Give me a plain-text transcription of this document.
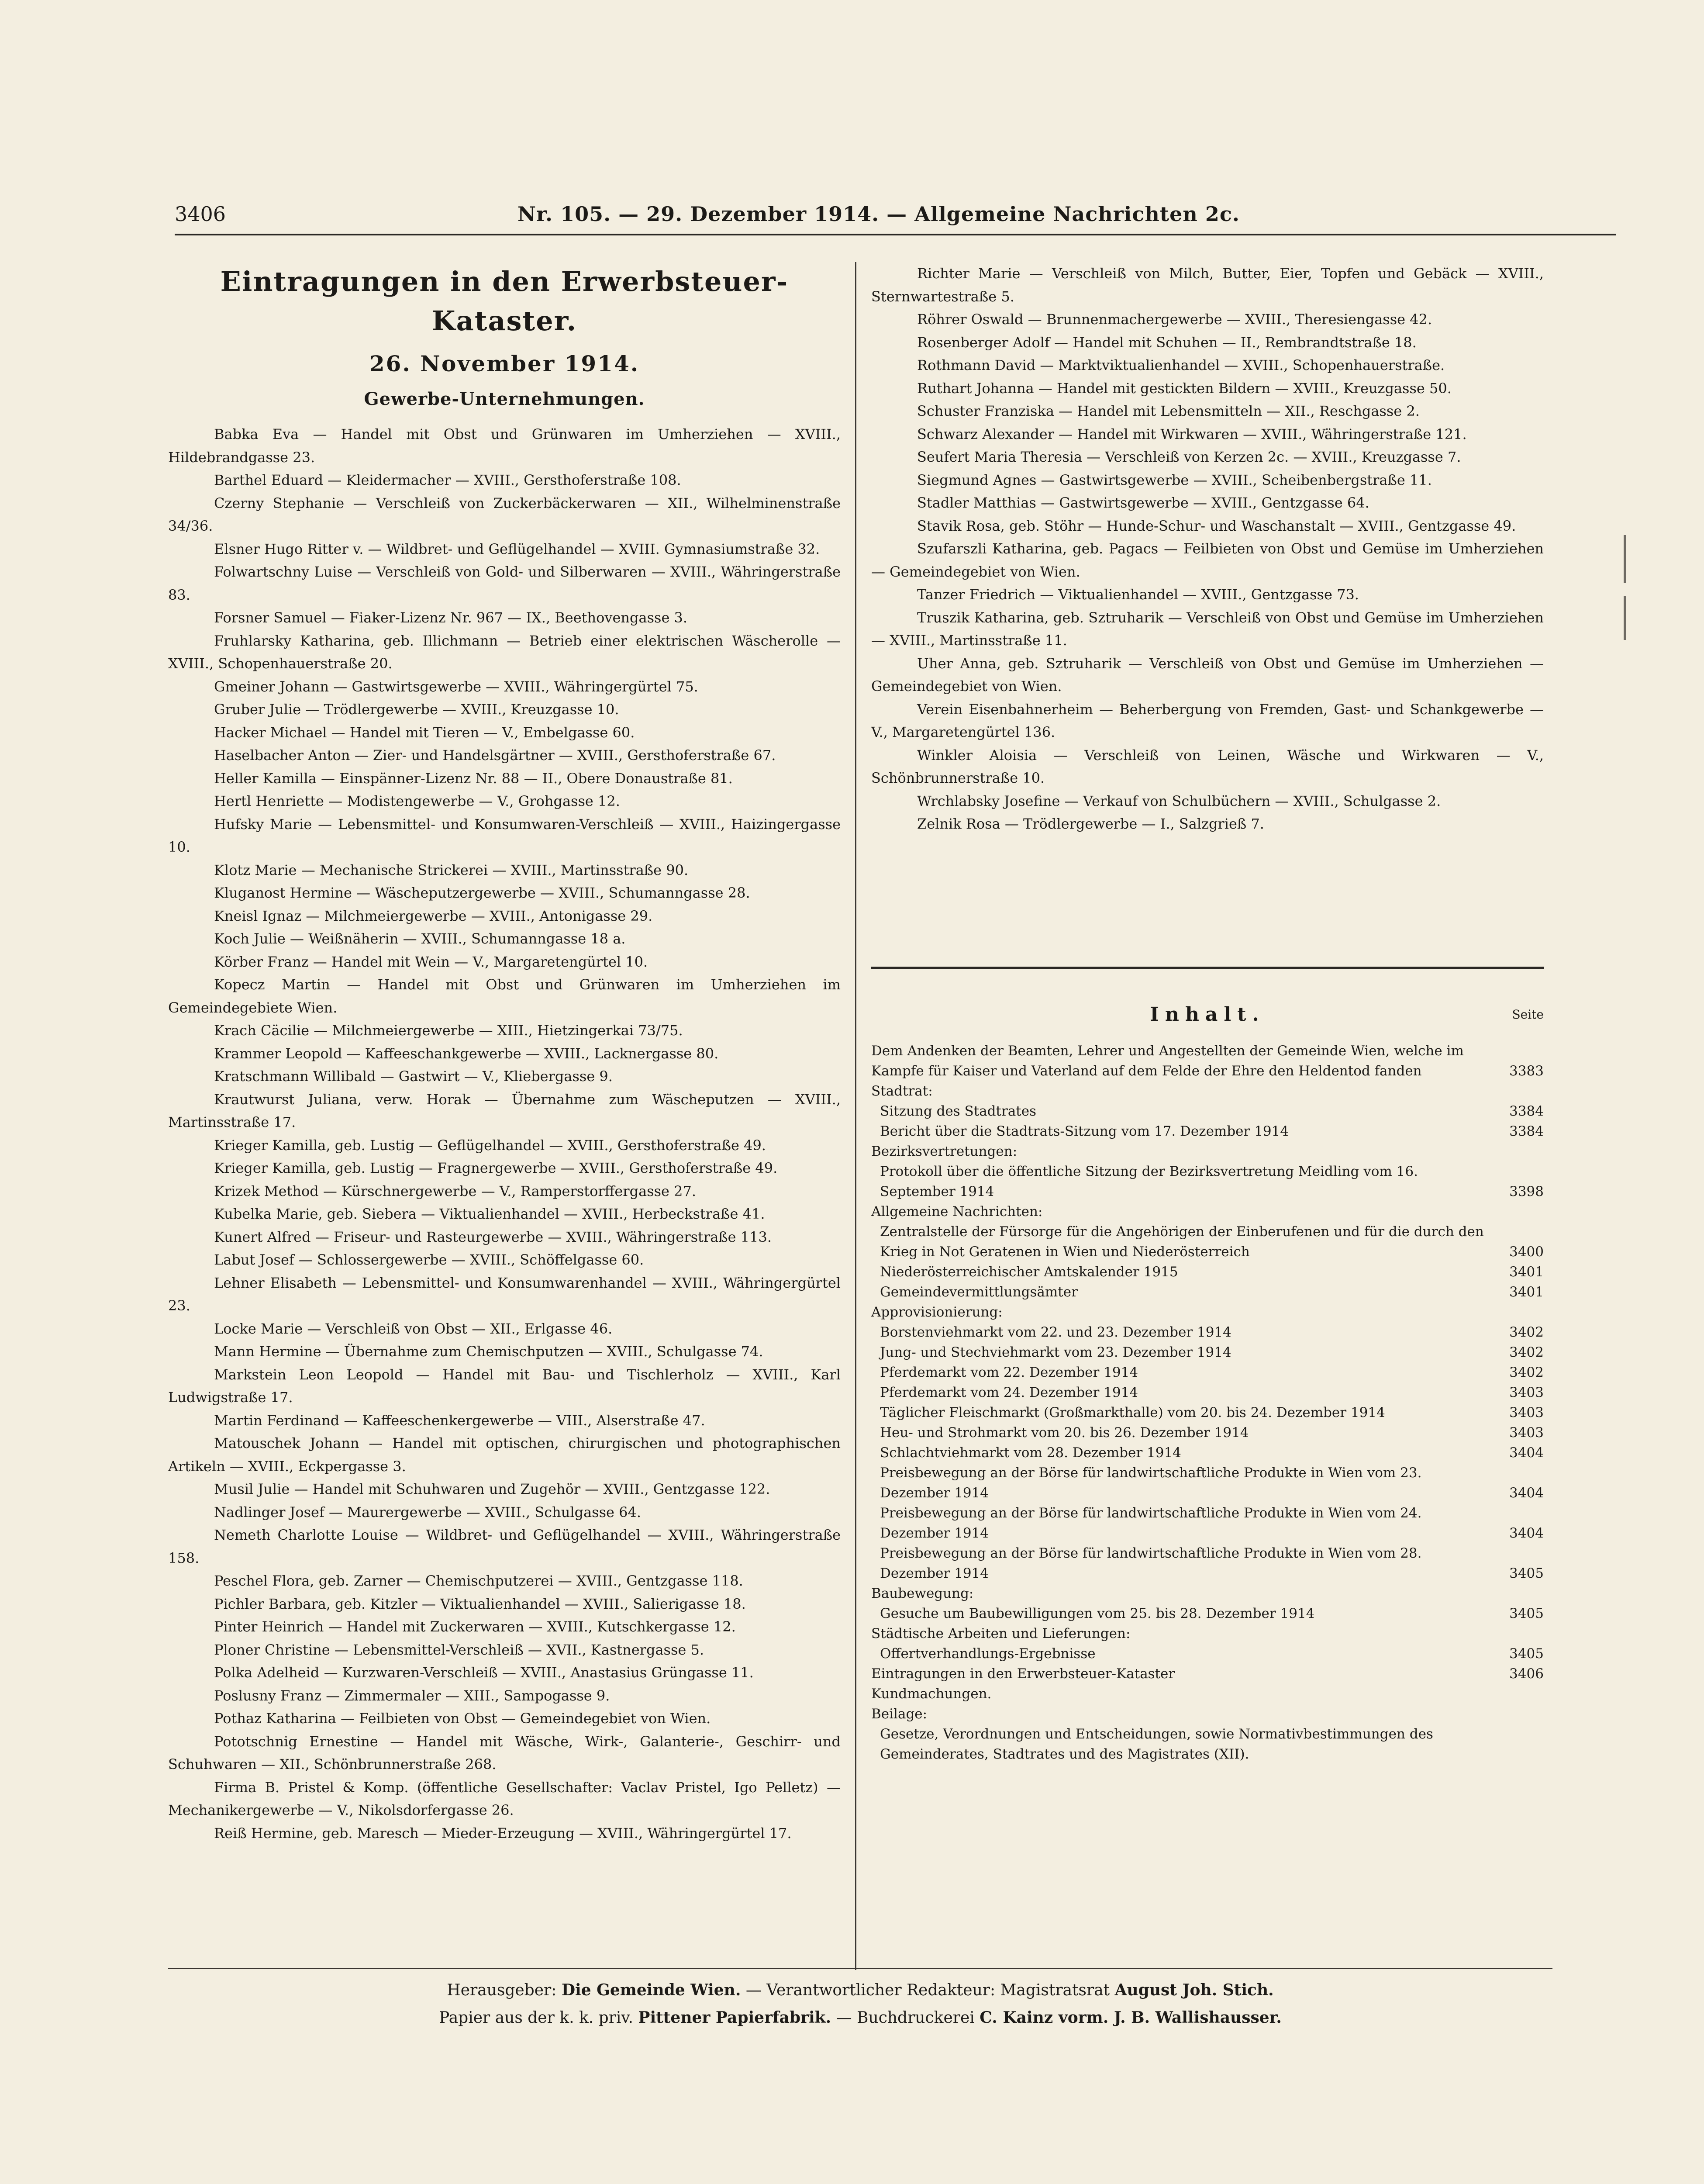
3406	Nr. 105. — 29. Dezember 1914. — Allgemeine Nachrichten 2c.
Eintragungen in den Erwerbsteuer-Kataster.
26. November 1914.
Gewerbe-Unternehmungen.

Babka Eva — Handel mit Obst und Grünwaren im Umherziehen — XVIII., Hildebrandgasse 23.

Barthel Eduard — Kleidermacher — XVIII., Gersthoferstraße 108.

Czerny Stephanie — Verschleiß von Zuckerbäckerwaren — XII., Wilhelminenstraße 34/36.

Elsner Hugo Ritter v. — Wildbret- und Geflügelhandel — XVIII. Gymnasiumstraße 32.

Folwartschny Luise — Verschleiß von Gold- und Silberwaren — XVIII., Währingerstraße 83.

Forsner Samuel — Fiaker-Lizenz Nr. 967 — IX., Beethovengasse 3.

Fruhlarsky Katharina, geb. Illichmann — Betrieb einer elektrischen Wäscherolle — XVIII., Schopenhauerstraße 20.

Gmeiner Johann — Gastwirtsgewerbe — XVIII., Währingergürtel 75.

Gruber Julie — Trödlergewerbe — XVIII., Kreuzgasse 10.

Hacker Michael — Handel mit Tieren — V., Embelgasse 60.

Haselbacher Anton — Zier- und Handelsgärtner — XVIII., Gersthoferstraße 67.

Heller Kamilla — Einspänner-Lizenz Nr. 88 — II., Obere Donaustraße 81.

Hertl Henriette — Modistengewerbe — V., Grohgasse 12.

Hufsky Marie — Lebensmittel- und Konsumwaren-Verschleiß — XVIII., Haizingergasse 10.

Klotz Marie — Mechanische Strickerei — XVIII., Martinsstraße 90.

Kluganost Hermine — Wäscheputzergewerbe — XVIII., Schumanngasse 28.

Kneisl Ignaz — Milchmeiergewerbe — XVIII., Antonigasse 29.

Koch Julie — Weißnäherin — XVIII., Schumanngasse 18 a.

Körber Franz — Handel mit Wein — V., Margaretengürtel 10.

Kopecz Martin — Handel mit Obst und Grünwaren im Umherziehen im Gemeindegebiete Wien.

Krach Cäcilie — Milchmeiergewerbe — XIII., Hietzingerkai 73/75.

Krammer Leopold — Kaffeeschankgewerbe — XVIII., Lacknergasse 80.

Kratschmann Willibald — Gastwirt — V., Kliebergasse 9.

Krautwurst Juliana, verw. Horak — Übernahme zum Wäscheputzen — XVIII., Martinsstraße 17.

Krieger Kamilla, geb. Lustig — Geflügelhandel — XVIII., Gersthoferstraße 49.

Krieger Kamilla, geb. Lustig — Fragnergewerbe — XVIII., Gersthoferstraße 49.

Krizek Method — Kürschnergewerbe — V., Ramperstorffergasse 27.

Kubelka Marie, geb. Siebera — Viktualienhandel — XVIII., Herbeckstraße 41.

Kunert Alfred — Friseur- und Rasteurgewerbe — XVIII., Währingerstraße 113.

Labut Josef — Schlossergewerbe — XVIII., Schöffelgasse 60.

Lehner Elisabeth — Lebensmittel- und Konsumwarenhandel — XVIII., Währingergürtel 23.

Locke Marie — Verschleiß von Obst — XII., Erlgasse 46.

Mann Hermine — Übernahme zum Chemischputzen — XVIII., Schulgasse 74.

Markstein Leon Leopold — Handel mit Bau- und Tischlerholz — XVIII., Karl Ludwigstraße 17.

Martin Ferdinand — Kaffeeschenkergewerbe — VIII., Alserstraße 47.

Matouschek Johann — Handel mit optischen, chirurgischen und photographischen Artikeln — XVIII., Eckpergasse 3.

Musil Julie — Handel mit Schuhwaren und Zugehör — XVIII., Gentzgasse 122.

Nadlinger Josef — Maurergewerbe — XVIII., Schulgasse 64.

Nemeth Charlotte Louise — Wildbret- und Geflügelhandel — XVIII., Währingerstraße 158.

Peschel Flora, geb. Zarner — Chemischputzerei — XVIII., Gentzgasse 118.

Pichler Barbara, geb. Kitzler — Viktualienhandel — XVIII., Salierigasse 18.

Pinter Heinrich — Handel mit Zuckerwaren — XVIII., Kutschkergasse 12.

Ploner Christine — Lebensmittel-Verschleiß — XVII., Kastnergasse 5.

Polka Adelheid — Kurzwaren-Verschleiß — XVIII., Anastasius Grüngasse 11.

Poslusny Franz — Zimmermaler — XIII., Sampogasse 9.

Pothaz Katharina — Feilbieten von Obst — Gemeindegebiet von Wien.

Pototschnig Ernestine — Handel mit Wäsche, Wirk-, Galanterie-, Geschirr- und Schuhwaren — XII., Schönbrunnerstraße 268.

Firma B. Pristel & Komp. (öffentliche Gesellschafter: Vaclav Pristel, Igo Pelletz) — Mechanikergewerbe — V., Nikolsdorfergasse 26.

Reiß Hermine, geb. Maresch — Mieder-Erzeugung — XVIII., Währingergürtel 17.

Richter Marie — Verschleiß von Milch, Butter, Eier, Topfen und Gebäck — XVIII., Sternwartestraße 5.

Röhrer Oswald — Brunnenmachergewerbe — XVIII., Theresiengasse 42.

Rosenberger Adolf — Handel mit Schuhen — II., Rembrandtstraße 18.

Rothmann David — Marktviktualienhandel — XVIII., Schopenhauerstraße.

Ruthart Johanna — Handel mit gestickten Bildern — XVIII., Kreuzgasse 50.

Schuster Franziska — Handel mit Lebensmitteln — XII., Reschgasse 2.

Schwarz Alexander — Handel mit Wirkwaren — XVIII., Währingerstraße 121.

Seufert Maria Theresia — Verschleiß von Kerzen 2c. — XVIII., Kreuzgasse 7.

Siegmund Agnes — Gastwirtsgewerbe — XVIII., Scheibenbergstraße 11.

Stadler Matthias — Gastwirtsgewerbe — XVIII., Gentzgasse 64.

Stavik Rosa, geb. Stöhr — Hunde-Schur- und Waschanstalt — XVIII., Gentzgasse 49.

Szufarszli Katharina, geb. Pagacs — Feilbieten von Obst und Gemüse im Umherziehen — Gemeindegebiet von Wien.

Tanzer Friedrich — Viktualienhandel — XVIII., Gentzgasse 73.

Truszik Katharina, geb. Sztruharik — Verschleiß von Obst und Gemüse im Umherziehen — XVIII., Martinsstraße 11.

Uher Anna, geb. Sztruharik — Verschleiß von Obst und Gemüse im Umherziehen — Gemeindegebiet von Wien.

Verein Eisenbahnerheim — Beherbergung von Fremden, Gast- und Schankgewerbe — V., Margaretengürtel 136.

Winkler Aloisia — Verschleiß von Leinen, Wäsche und Wirkwaren — V., Schönbrunnerstraße 10.

Wrchlabsky Josefine — Verkauf von Schulbüchern — XVIII., Schulgasse 2.

Zelnik Rosa — Trödlergewerbe — I., Salzgrieß 7.

Inhalt.	Seite
Dem Andenken der Beamten, Lehrer und Angestellten der Gemeinde Wien, welche im Kampfe für Kaiser und Vaterland auf dem Felde der Ehre den Heldentod fanden	3383
Stadtrat:
Sitzung des Stadtrates	3384
Bericht über die Stadtrats-Sitzung vom 17. Dezember 1914	3384
Bezirksvertretungen:
Protokoll über die öffentliche Sitzung der Bezirksvertretung Meidling vom 16. September 1914	3398
Allgemeine Nachrichten:
Zentralstelle der Fürsorge für die Angehörigen der Einberufenen und für die durch den Krieg in Not Geratenen in Wien und Niederösterreich	3400
Niederösterreichischer Amtskalender 1915	3401
Gemeindevermittlungsämter	3401
Approvisionierung:
Borstenviehmarkt vom 22. und 23. Dezember 1914	3402
Jung- und Stechviehmarkt vom 23. Dezember 1914	3402
Pferdemarkt vom 22. Dezember 1914	3402
Pferdemarkt vom 24. Dezember 1914	3403
Täglicher Fleischmarkt (Großmarkthalle) vom 20. bis 24. Dezember 1914	3403
Heu- und Strohmarkt vom 20. bis 26. Dezember 1914	3403
Schlachtviehmarkt vom 28. Dezember 1914	3404
Preisbewegung an der Börse für landwirtschaftliche Produkte in Wien vom 23. Dezember 1914	3404
Preisbewegung an der Börse für landwirtschaftliche Produkte in Wien vom 24. Dezember 1914	3404
Preisbewegung an der Börse für landwirtschaftliche Produkte in Wien vom 28. Dezember 1914	3405
Baubewegung:
Gesuche um Baubewilligungen vom 25. bis 28. Dezember 1914	3405
Städtische Arbeiten und Lieferungen:
Offertverhandlungs-Ergebnisse	3405
Eintragungen in den Erwerbsteuer-Kataster	3406
Kundmachungen.
Beilage:
Gesetze, Verordnungen und Entscheidungen, sowie Normativbestimmungen des Gemeinderates, Stadtrates und des Magistrates (XII).
Herausgeber: Die Gemeinde Wien. — Verantwortlicher Redakteur: Magistratsrat August Joh. Stich.
Papier aus der k. k. priv. Pittener Papierfabrik. — Buchdruckerei C. Kainz vorm. J. B. Wallishausser.
